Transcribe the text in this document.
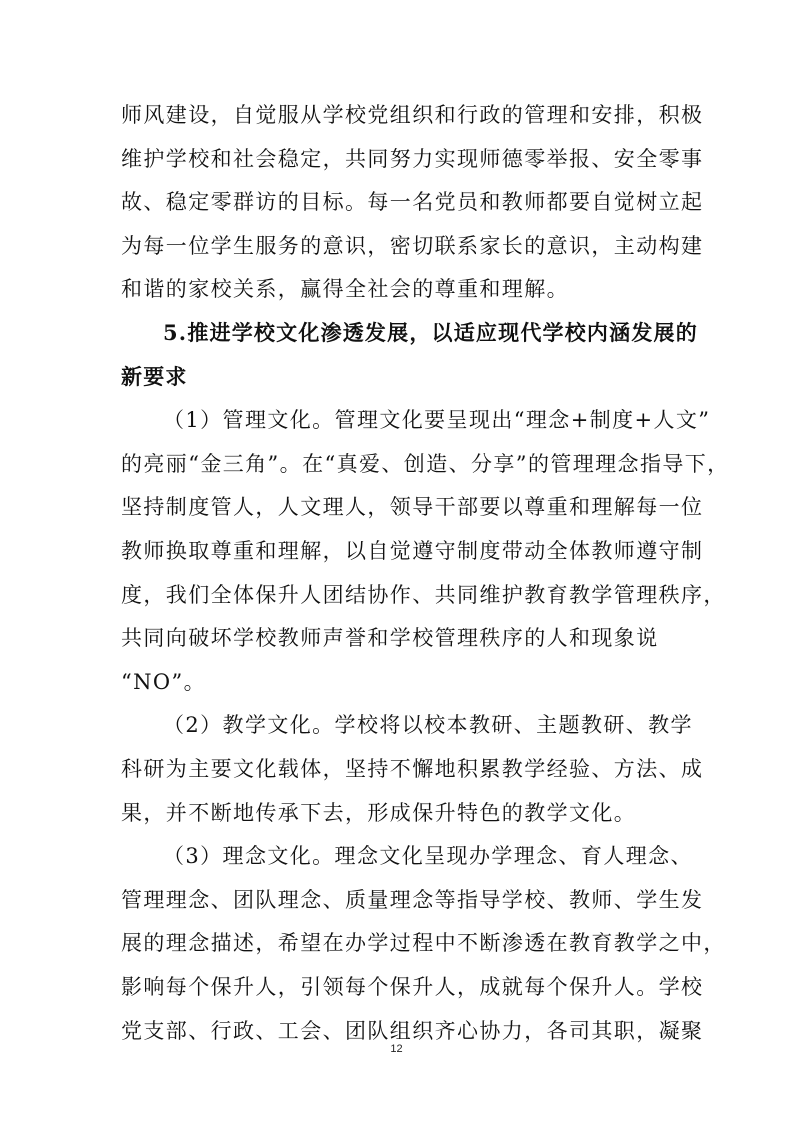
师风建设，自觉服从学校党组织和行政的管理和安排，积极
维护学校和社会稳定，共同努力实现师德零举报、安全零事
故、稳定零群访的目标。每一名党员和教师都要自觉树立起
为每一位学生服务的意识，密切联系家长的意识，主动构建
和谐的家校关系，赢得全社会的尊重和理解。
5.推进学校文化渗透发展，以适应现代学校内涵发展的
新要求
（1）管理文化。管理文化要呈现出“理念+制度+人文”
的亮丽“金三角”。在“真爱、创造、分享”的管理理念指导下，
坚持制度管人，人文理人，领导干部要以尊重和理解每一位
教师换取尊重和理解，以自觉遵守制度带动全体教师遵守制
度，我们全体保升人团结协作、共同维护教育教学管理秩序，
共同向破坏学校教师声誉和学校管理秩序的人和现象说
“NO”。
（2）教学文化。学校将以校本教研、主题教研、教学
科研为主要文化载体，坚持不懈地积累教学经验、方法、成
果，并不断地传承下去，形成保升特色的教学文化。
（3）理念文化。理念文化呈现办学理念、育人理念、
管理理念、团队理念、质量理念等指导学校、教师、学生发
展的理念描述，希望在办学过程中不断渗透在教育教学之中，
影响每个保升人，引领每个保升人，成就每个保升人。学校
党支部、行政、工会、团队组织齐心协力，各司其职，凝聚
12
